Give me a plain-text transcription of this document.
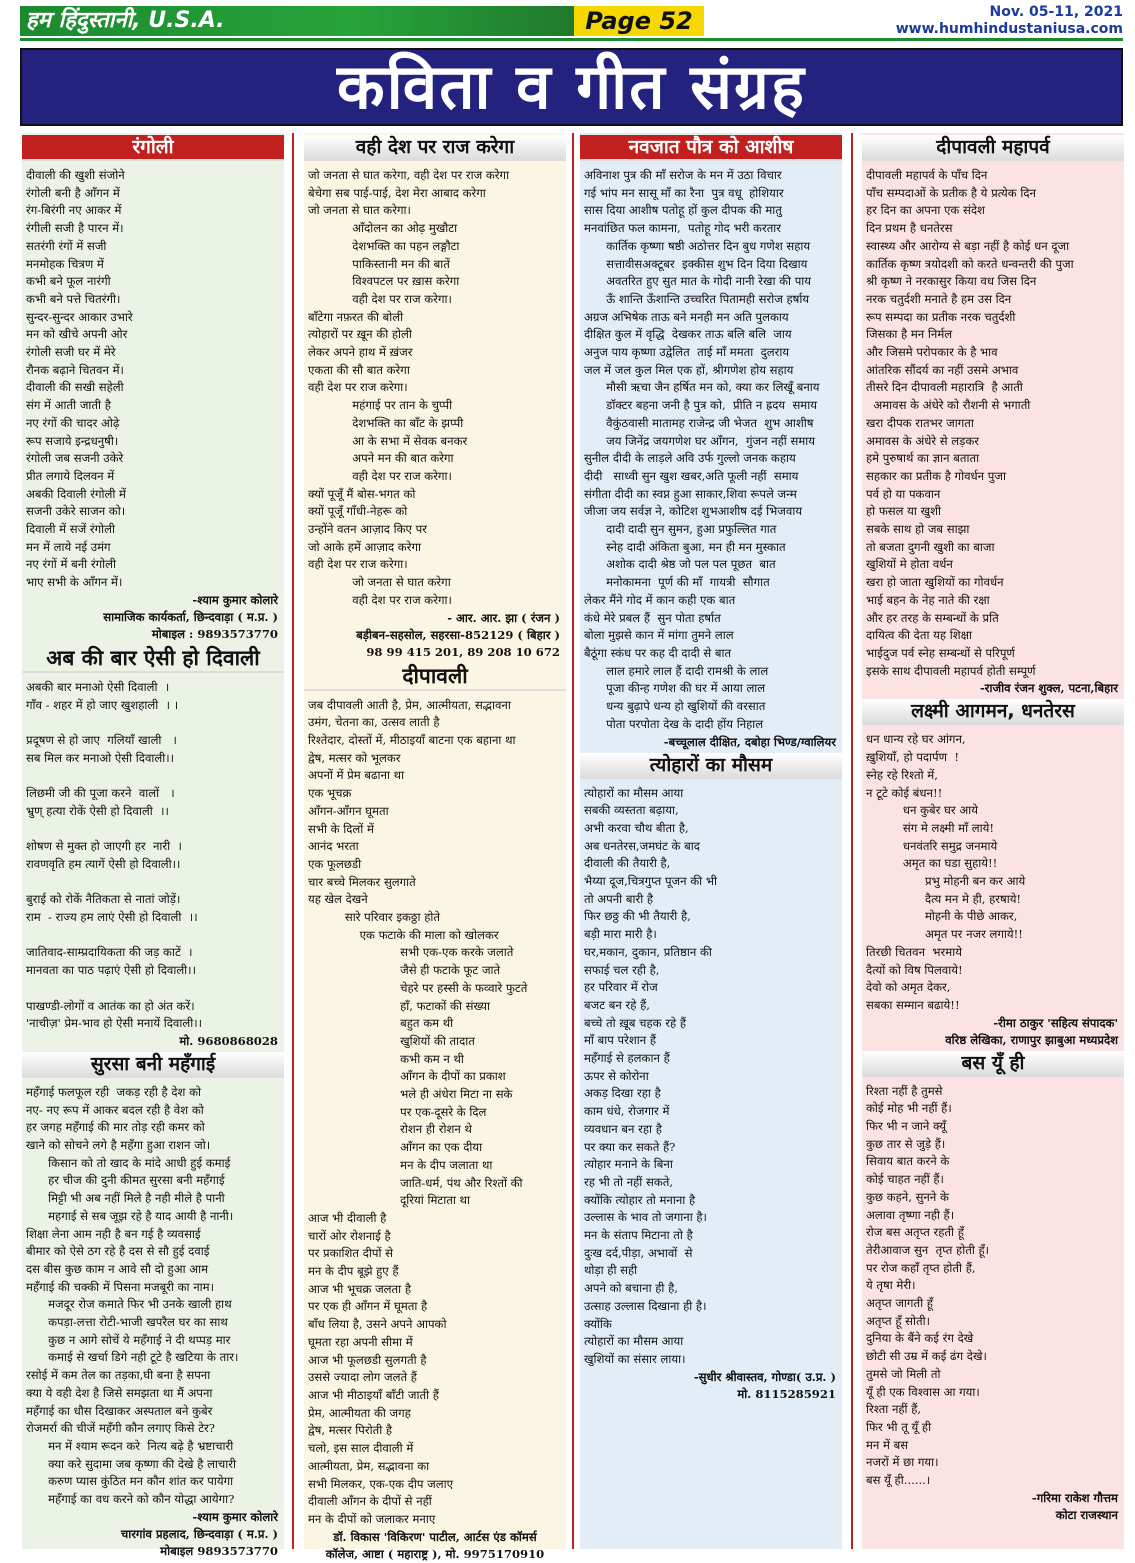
हम हिंदुस्तानी, U.S.A.	Page 52	Nov. 05-11, 2021
www.humhindustaniusa.com
कविता व गीत संग्रह
रंगोली
दीवाली की खुशी संजोने
रंगोली बनी है आँगन में
रंग-बिरंगी नए आकर में
रंगीली सजी है पारन में।
सतरंगी रंगों में सजी
मनमोहक चित्रण में
कभी बने फूल नारंगी
कभी बने पत्ते चितरंगी।
सुन्दर-सुन्दर आकार उभारे
मन को खीचे अपनी ओर
रंगोली सजी घर में मेरे
रौनक बढ़ाने चितवन में।
दीवाली की सखी सहेली
संग में आती जाती है
नए रंगों की चादर ओढ़े
रूप सजाये इन्द्रधनुषी।
रंगोली जब सजनी उकेरे
प्रीत लगाये दिलवन में
अबकी दिवाली रंगोली में
सजनी उकेरे साजन को।
दिवाली में सजें रंगोली
मन में लाये नई उमंग
नए रंगों में बनी रंगोली
भाए सभी के आँगन में।
-श्याम कुमार कोलारे
सामाजिक कार्यकर्ता, छिन्दवाड़ा ( म.प्र. )
मोबाइल : 9893573770
अब की बार ऐसी हो दिवाली
अबकी बार मनाओ ऐसी दिवाली  ।
गाँव - शहर में हो जाए खुशहाली  । ।

प्रदूषण से हो जाए  गलियाँ खाली   ।
सब मिल कर मनाओ ऐसी दिवाली।।

लिछमी जी की पूजा करने  वालों   ।
भ्रुण् हत्या रोकें ऐसी हो दिवाली  ।।

शोषण से मुक्त हो जाएगी हर  नारी  ।
रावणवृति हम त्यागें ऐसी हो दिवाली।।

बुराई को रोकें नैतिकता से नातां जोड़ें।
राम  - राज्य हम लाएं ऐसी हो दिवाली  ।।

जातिवाद-साम्प्रदायिकता की जड़ काटें  ।
मानवता का पाठ पढ़ाएं ऐसी हो दिवाली।।

पाखण्डी-लोगों व आतंक का हो अंत करें।
'नाचीज़' प्रेम-भाव हो ऐसी मनायें दिवाली।।
मो. 9680868028
सुरसा बनी महँगाई
महँगाई फलफूल रही  जकड़ रही है देश को
नए- नए रूप में आकर बदल रही है वेश को
हर जगह महँगाई की मार तोड़ रही कमर को
खाने को सोचने लगे है महँगा हुआ राशन जो।
किसान को तो खाद के मांदे आधी हुई कमाई
हर चीज की दुनी कीमत सुरसा बनी महँगाई
मिट्टी भी अब नहीं मिले है नही मीले है पानी
महगाई से सब जूझ रहे है याद आयी है नानी।
शिक्षा लेना आम नही है बन गई है व्यवसाई
बीमार को ऐसे ठग रहे है दस से सौ हुई दवाई
दस बीस कुछ काम न आवे सौ दो हुआ आम
महँगाई की चक्की में पिसना मजबूरी का नाम।
मजदूर रोज कमाते फिर भी उनके खाली हाथ
कपड़ा-लत्ता रोटी-भाजी खपरैल घर का साथ
कुछ न आगे सोचें ये महँगाई ने दी थप्पड़ मार
कमाई से खर्चा डिगे नही टूटे है खटिया के तार।
रसोई में कम तेल का तड़का,घी बना है सपना
क्या ये वही देश है जिसे समझता था मैं अपना
महँगाई का धौस दिखाकर अस्पताल बने कुबेर
रोजमर्रा की चीजें महँगी कौन लगाए किसे टेर?
मन में श्याम रूदन करे  नित्य बढ़े है भ्रष्टाचारी
क्या करे सुदामा जब कृष्णा की देखे है लाचारी
करुण प्यास कुंठित मन कौन शांत कर पायेगा
महँगाई का वध करने को कौन योद्धा आयेगा?
-श्याम कुमार कोलारे
चारगांव प्रहलाद, छिन्दवाड़ा ( म.प्र. )
मोबाइल 9893573770
वही देश पर राज करेगा
जो जनता से घात करेगा, वही देश पर राज करेगा
बेचेगा सब पाई-पाई, देश मेरा आबाद करेगा
जो जनता से घात करेगा।
आँदोलन का ओढ़ मुखौटा
देशभक्ति का पहन लङ्गौटा
पाकिस्तानी मन की बातें
विश्वपटल पर ख़ास करेगा
वही देश पर राज करेगा।
बाँटेगा नफ़रत की बोली
त्योहारों पर ख़ून की होली
लेकर अपने हाथ में ख़ंजर
एकता की सौ बात करेगा
वही देश पर राज करेगा।
महंगाई पर तान के चुप्पी
देशभक्ति का बाँट के झप्पी
आ के सभा में सेवक बनकर
अपने मन की बात करेगा
वही देश पर राज करेगा।
क्यों पूजूँ मैं बोस-भगत को
क्यों पूजूँ गाँधी-नेहरू को
उन्होंने वतन आज़ाद किए पर
जो आके हमें आज़ाद करेगा
वही देश पर राज करेगा।
जो जनता से घात करेगा
वही देश पर राज करेगा।
- आर. आर. झा ( रंजन )
बड़ीबन-सहसोल, सहरसा-852129 ( बिहार )
98 99 415 201, 89 208 10 672
दीपावली
जब दीपावली आती है, प्रेम, आत्मीयता, सद्भावना
उमंग, चेतना का, उत्सव लाती है
रिश्तेदार, दोस्तों में, मीठाइयाँ बाटना एक बहाना था
द्वेष, मत्सर को भूलकर
अपनों में प्रेम बढाना था
एक भूचक्र
आँगन-आँगन घूमता
सभी के दिलों में
आनंद भरता
एक फूलछडी
चार बच्चे मिलकर सुलगाते
यह खेल देखने
सारे परिवार इकठ्ठा होते
एक फटाके की माला को खोलकर
सभी एक-एक करके जलाते
जैसे ही फटाके फूट जाते
चेहरे पर हस्सी के फव्वारे फुटते
हाँ, फटाकों की संख्या
बहुत कम थी
खुशियों की तादात
कभी कम न थी
आँगन के दीपों का प्रकाश
भले ही अंधेरा मिटा ना सके
पर एक-दूसरे के दिल
रोशन ही रोशन थे
आँगन का एक दीया
मन के दीप जलाता था
जाति-धर्म, पंथ और रिश्तों की
दूरियां मिटाता था
आज भी दीवाली है
चारों ओर रोशनाई है
पर प्रकाशित दीपों से
मन के दीप बूझे हुए हैं
आज भी भूचक्र जलता है
पर एक ही आँगन में घूमता है
बाँध लिया है, उसने अपने आपको
घूमता रहा अपनी सीमा में
आज भी फूलछडी सुलगती है
उससे ज्यादा लोग जलते हैं
आज भी मीठाइयाँ बाँटी जाती हैं
प्रेम, आत्मीयता की जगह
द्वेष, मत्सर पिरोती है
चलो, इस साल दीवाली में
आत्मीयता, प्रेम, सद्भावना का
सभी मिलकर, एक-एक दीप जलाए
दीवाली आँगन के दीपों से नहीं
मन के दीपों को जलाकर मनाए
डॉ. विकास 'विकिरण' पाटील, आर्टस एंड कॉमर्स
कॉलेज, आष्टा ( महाराष्ट्र ), मो. 9975170910
नवजात पौत्र को आशीष
अविनाश पुत्र की माँ सरोज के मन में उठा विचार
गई भांप मन सासू माँ का रैना  पुत्र वधू  होशियार
सास दिया आशीष पतोहू हों कुल दीपक की मातु
मनवांछित फल कामना,  पतोहू गोद भरी करतार
कार्तिक कृष्णा षष्ठी अठोत्तर दिन बुध गणेश सहाय
सत्तावीसअक्टूबर  इक्कीस शुभ दिन दिया दिखाय
अवतरित हुए सुत मात के गोदी नानी रेखा की पाय
ऊँ शान्ति ऊँशान्ति उच्चरित पितामही सरोज हर्षाय
अग्रज अभिषेक ताऊ बने मनही मन अति पुलकाय
दीक्षित कुल में वृद्धि  देखकर ताऊ बलि बलि  जाय
अनुज पाय कृष्णा उद्वेलित  ताई माँ ममता  दुलराय
जल में जल कुल मिल एक हों, श्रीगणेश होय सहाय
मौसी ऋचा जैन हर्षित मन को, क्या कर लिखूँ बनाय
डॉक्टर बहना जनी है पुत्र को,  प्रीति न ह्रदय  समाय
वैकुंठवासी मातामह राजेन्द्र जी भेजत  शुभ आशीष
जय जिनेंद्र जयगणेश घर आँगन,  गुंजन नहीं समाय
सुनील दीदी के लाड़ले अवि उर्फ गुल्लो जनक कहाय
दीदी   साध्वी सुन खुश खबर,अति फूली नहीं  समाय
संगीता दीदी का स्वप्न हुआ साकार,शिवा रूपले जन्म
जीजा जय सर्वज्ञ ने, कोटिश शुभआशीष दई भिजवाय
दादी दादी सुन सुमन, हुआ प्रफुल्लित गात
स्नेह दादी अंकिता बुआ, मन ही मन मुस्कात
अशोक दादी श्रेष्ठ जो पल पल पूछत  बात
मनोकामना  पूर्ण की माँ  गायत्री  सौगात
लेकर मैंने गोद में कान कही एक बात
कंधे मेरे प्रबल हैं  सुन पोता हर्षात
बोला मुझसे कान में मांगा तुमने लाल
बैठूंगा स्कंध पर कह दी दादी से बात
लाल हमारे लाल हैं दादी रामश्री के लाल
पूजा कीन्ह गणेश की घर में आया लाल
धन्य बुढ़ापे धन्य हो खुशियों की वरसात
पोता परपोता देख के दादी होंय निहाल
-बच्चूलाल दीक्षित, दबोहा भिण्ड/ग्वालियर
त्योहारों का मौसम
त्योहारों का मौसम आया
सबकी व्यस्तता बढ़ाया,
अभी करवा चौथ बीता है,
अब धनतेरस,जमघंट के बाद
दीवाली की तैयारी है,
भैय्या दूज,चित्रगुप्त पूजन की भी
तो अपनी बारी है
फिर छठ्ठ की भी तैयारी है,
बड़ी मारा मारी है।
घर,मकान, दुकान, प्रतिष्ठान की
सफाई चल रही है,
हर परिवार में रोज
बजट बन रहे हैं,
बच्चे तो ख़ूब चहक रहे हैं
माँ बाप परेशान हैं
महँगाई से हलकान हैं
ऊपर से कोरोना
अकड़ दिखा रहा है
काम धंधे, रोजगार में
व्यवधान बन रहा है
पर क्या कर सकते हैं?
त्योहार मनाने के बिना
रह भी तो नहीं सकते,
क्योंकि त्योहार तो मनाना है
उल्लास के भाव तो जगाना है।
मन के संताप मिटाना तो है
दुःख दर्द,पीड़ा, अभावों  से
थोड़ा ही सही
अपने को बचाना ही है,
उत्साह उल्लास दिखाना ही है।
क्योंकि
त्योहारों का मौसम आया
खुशियों का संसार लाया।
-सुधीर श्रीवास्तव, गोण्डा( उ.प्र. )
मो. 8115285921
दीपावली महापर्व
दीपावली महापर्व के पाँच दिन
पाँच सम्पदाओं के प्रतीक है ये प्रत्येक दिन
हर दिन का अपना एक संदेश
दिन प्रथम है धनतेरस
स्वास्थ्य और आरोग्य से बड़ा नहीं है कोई धन दूजा
कार्तिक कृष्ण त्रयोदशी को करते धन्वन्तरी की पुजा
श्री कृष्ण ने नरकासुर किया वध जिस दिन
नरक चतुर्दशी मनाते है हम उस दिन
रूप सम्पदा का प्रतीक नरक चतुर्दशी
जिसका है मन निर्मल
और जिसमे परोपकार के है भाव
आंतरिक सौंदर्य का नहीं उसमे अभाव
तीसरे दिन दीपावली महारात्रि  है आती
अमावस के अंधेरे को रौशनी से भगाती
खरा दीपक रातभर जागता
अमावस के अंधेरे से लड़कर
हमे पुरुषार्थ का ज्ञान बताता
सहकार का प्रतीक है गोवर्धन पुजा
पर्व हो या पकवान
हो फसल या खुशी
सबके साथ हो जब साझा
तो बजता दुगनी खुशी का बाजा
खुशियों मे होता वर्धन
खरा हो जाता खुशियों का गोवर्धन
भाई बहन के नेह नाते की रक्षा
और हर तरह के सम्बन्धों के प्रति
दायित्व की देता यह शिक्षा
भाईदुज पर्व स्नेह सम्बन्धों से परिपूर्ण
इसके साथ दीपावली महापर्व होती सम्पूर्ण
-राजीव रंजन शुक्ल, पटना,बिहार
लक्ष्मी आगमन, धनतेरस
धन धान्य रहे घर आंगन,
ख़ुशियाँ, हो पदार्पण  !
स्नेह रहे रिश्तो में,
न टूटे कोई बंधन!!
धन कुबेर घर आये
संग मे लक्ष्मी माँ लाये!
धनवंतरि समुद्र जनमाये
अमृत का घडा सुहाये!!
प्रभु मोहनी बन कर आये
दैत्य मन मे ही, हरषाये!
मोहनी के पीछे आकर,
अमृत पर नजर लगाये!!
तिरछी चितवन  भरमाये
दैत्यों को विष पिलवाये!
देवो को अमृत देकर,
सबका सम्मान बढाये!!
-रीमा ठाकुर 'सहित्य संपादक'
वरिष्ठ लेखिका, राणापुर झाबुआ मध्यप्रदेश
बस यूँ ही
रिश्ता नहीं है तुमसे
कोई मोह भी नहीं हैं।
फिर भी न जाने क्यूँ
कुछ तार से जुड़े हैं।
सिवाय बात करने के
कोई चाहत नहीं हैं।
कुछ कहने, सुनने के
अलावा तृष्णा नही हैं।
रोज बस अतृप्त रहती हूँ
तेरीआवाज सुन  तृप्त होती हूँ।
पर रोज कहाँ तृप्त होती हैं,
ये तृषा मेरी।
अतृप्त जागती हूँ
अतृप्त हूँ सोती।
दुनिया के बैंने कई रंग देखे
छोटी सी उम्र में कई ढंग देखे।
तुमसे जो मिली तो
यूँ ही एक विश्वास आ गया।
रिश्ता नहीं हैं,
फिर भी तू यूँ ही
मन में बस
नजरों में छा गया।
बस यूँ ही......।
-गरिमा राकेश गौत्तम
कोटा राजस्थान
